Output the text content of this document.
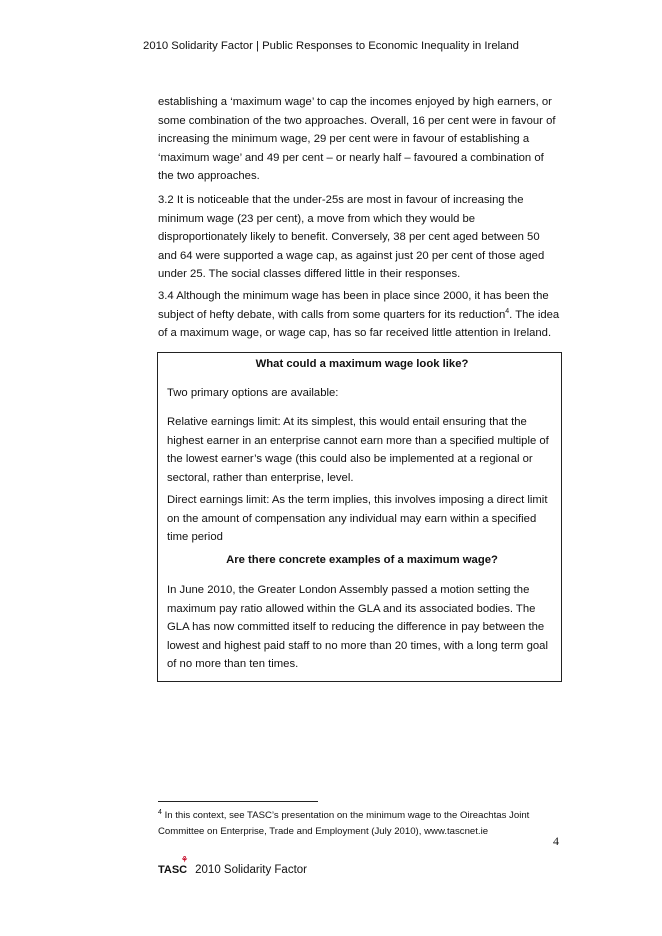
2010 Solidarity Factor | Public Responses to Economic Inequality in Ireland
establishing a ‘maximum wage’ to cap the incomes enjoyed by high earners, or
some combination of the two approaches. Overall, 16 per cent were in favour of
increasing the minimum wage, 29 per cent were in favour of establishing a
‘maximum wage’ and 49 per cent – or nearly half – favoured a combination of
the two approaches.
3.2 It is noticeable that the under-25s are most in favour of increasing the
minimum wage (23 per cent), a move from which they would be
disproportionately likely to benefit. Conversely, 38 per cent aged between 50
and 64 were supported a wage cap, as against just 20 per cent of those aged
under 25. The social classes differed little in their responses.
3.4 Although the minimum wage has been in place since 2000, it has been the
subject of hefty debate, with calls from some quarters for its reduction$^4$. The idea
of a maximum wage, or wage cap, has so far received little attention in Ireland.
What could a maximum wage look like?
Two primary options are available:
Relative earnings limit: At its simplest, this would entail ensuring that the
highest earner in an enterprise cannot earn more than a specified multiple of
the lowest earner’s wage (this could also be implemented at a regional or
sectoral, rather than enterprise, level.
Direct earnings limit: As the term implies, this involves imposing a direct limit
on the amount of compensation any individual may earn within a specified
time period
Are there concrete examples of a maximum wage?
In June 2010, the Greater London Assembly passed a motion setting the
maximum pay ratio allowed within the GLA and its associated bodies. The
GLA has now committed itself to reducing the difference in pay between the
lowest and highest paid staff to no more than 20 times, with a long term goal
of no more than ten times.
$^4$ In this context, see TASC’s presentation on the minimum wage to the Oireachtas Joint
Committee on Enterprise, Trade and Employment (July 2010), www.tascnet.ie
4
TASC
⚘
2010 Solidarity Factor
